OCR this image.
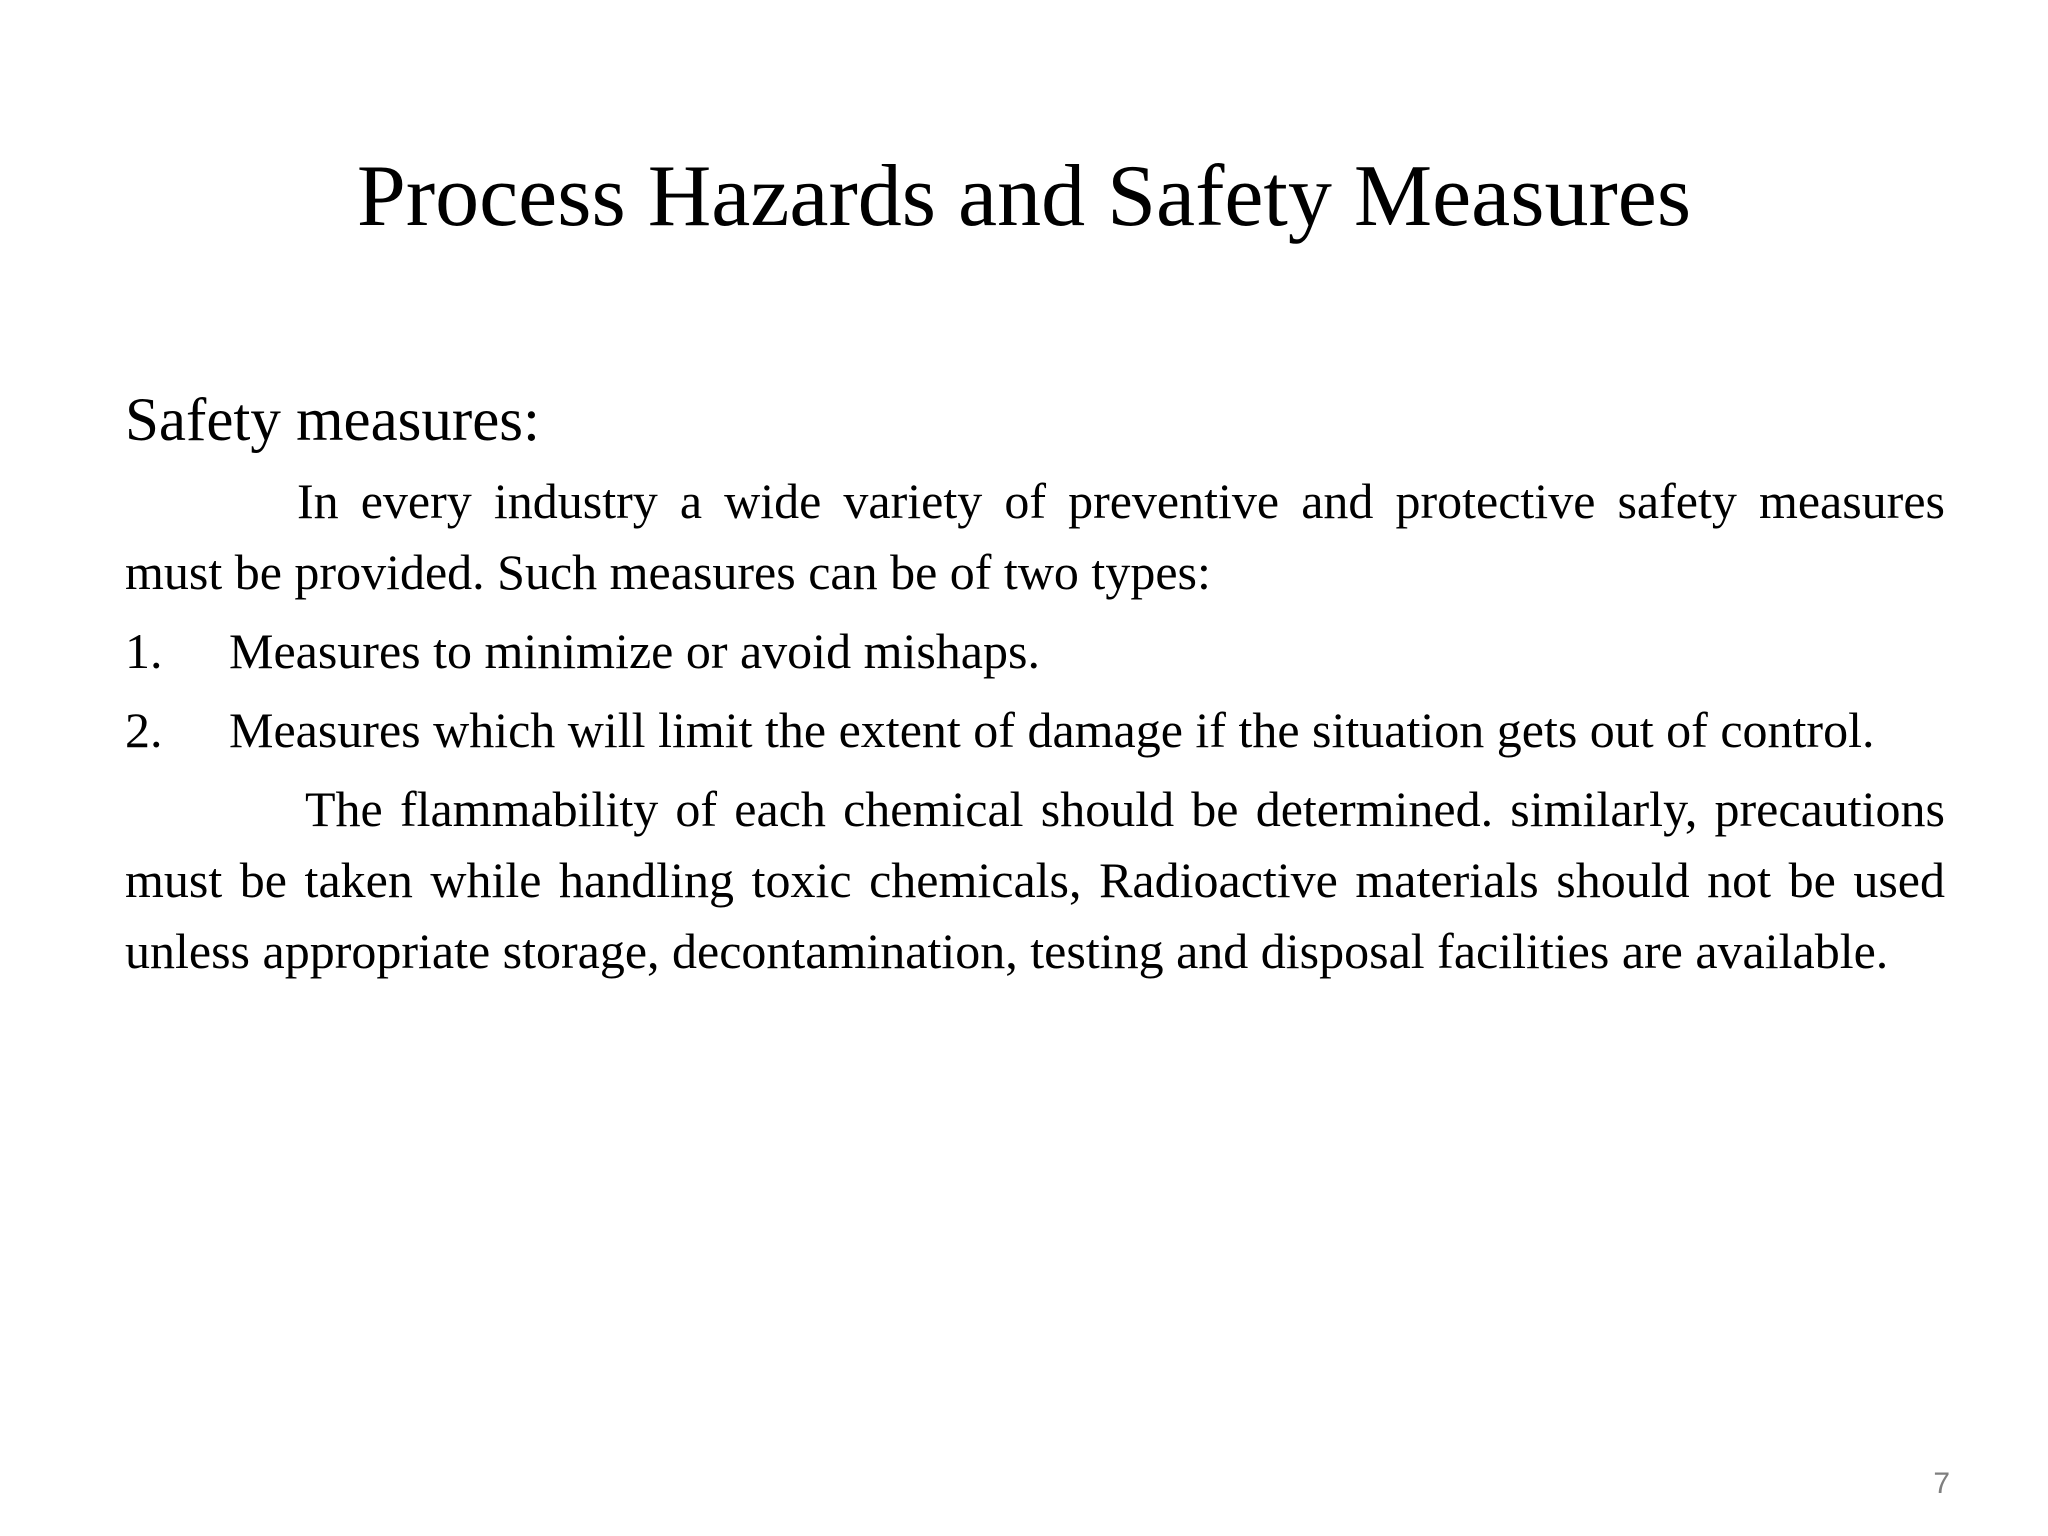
Process Hazards and Safety Measures
Safety measures:

In every industry a wide variety of preventive and protective safety measures must be provided. Such measures can be of two types:

1. Measures to minimize or avoid mishaps.
2. Measures which will limit the extent of damage if the situation gets out of control.

The flammability of each chemical should be determined. similarly, precautions must be taken while handling toxic chemicals, Radioactive materials should not be used unless appropriate storage, decontamination, testing and disposal facilities are available.

7
